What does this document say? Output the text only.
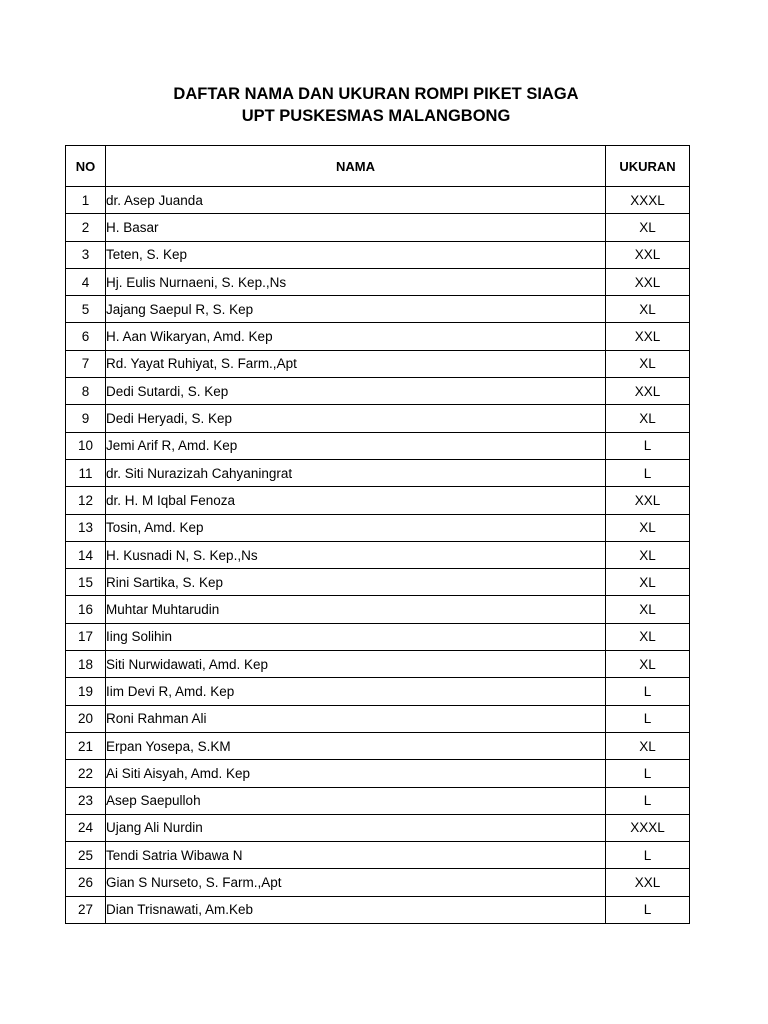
DAFTAR NAMA DAN UKURAN ROMPI PIKET SIAGA
UPT PUSKESMAS MALANGBONG
NO	NAMA	UKURAN
1	dr. Asep Juanda	XXXL
2	H. Basar	XL
3	Teten, S. Kep	XXL
4	Hj. Eulis Nurnaeni, S. Kep.,Ns	XXL
5	Jajang Saepul R, S. Kep	XL
6	H. Aan Wikaryan, Amd. Kep	XXL
7	Rd. Yayat Ruhiyat, S. Farm.,Apt	XL
8	Dedi Sutardi, S. Kep	XXL
9	Dedi Heryadi, S. Kep	XL
10	Jemi Arif R, Amd. Kep	L
11	dr. Siti Nurazizah Cahyaningrat	L
12	dr. H. M Iqbal Fenoza	XXL
13	Tosin, Amd. Kep	XL
14	H. Kusnadi N, S. Kep.,Ns	XL
15	Rini Sartika, S. Kep	XL
16	Muhtar Muhtarudin	XL
17	Iing Solihin	XL
18	Siti Nurwidawati, Amd. Kep	XL
19	Iim Devi R, Amd. Kep	L
20	Roni Rahman Ali	L
21	Erpan Yosepa, S.KM	XL
22	Ai Siti Aisyah, Amd. Kep	L
23	Asep Saepulloh	L
24	Ujang Ali Nurdin	XXXL
25	Tendi Satria Wibawa N	L
26	Gian S Nurseto, S. Farm.,Apt	XXL
27	Dian Trisnawati, Am.Keb	L
